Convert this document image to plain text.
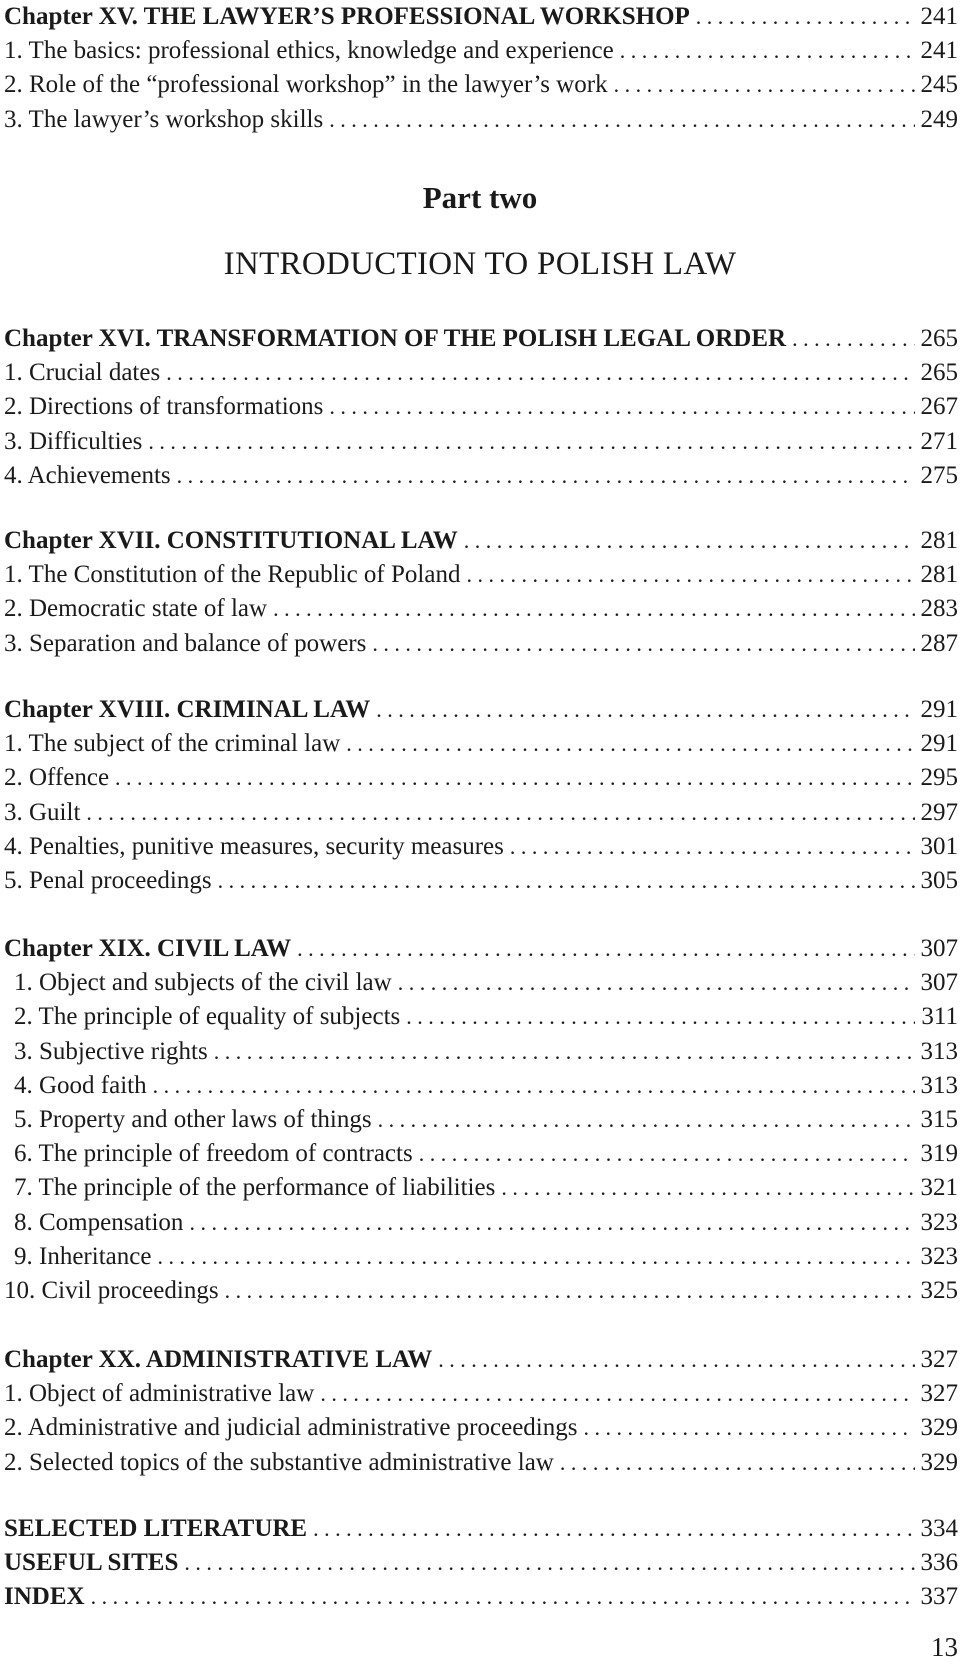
Chapter XV. THE LAWYER’S PROFESSIONAL WORKSHOP . . .	241
1. The basics: professional ethics, knowledge and experience . . .	241
2. Role of the “professional workshop” in the lawyer’s work . . .	245
3. The lawyer’s workshop skills . . .	249
Part two
INTRODUCTION TO POLISH LAW
Chapter XVI. TRANSFORMATION OF THE POLISH LEGAL ORDER . . .	265
1. Crucial dates . . .	265
2. Directions of transformations . . .	267
3. Difficulties . . .	271
4. Achievements . . .	275
Chapter XVII. CONSTITUTIONAL LAW . . .	281
1. The Constitution of the Republic of Poland . . .	281
2. Democratic state of law . . .	283
3. Separation and balance of powers . . .	287
Chapter XVIII. CRIMINAL LAW . . .	291
1. The subject of the criminal law . . .	291
2. Offence . . .	295
3. Guilt . . .	297
4. Penalties, punitive measures, security measures . . .	301
5. Penal proceedings . . .	305
Chapter XIX. CIVIL LAW . . .	307
1. Object and subjects of the civil law . . .	307
2. The principle of equality of subjects . . .	311
3. Subjective rights . . .	313
4. Good faith . . .	313
5. Property and other laws of things . . .	315
6. The principle of freedom of contracts . . .	319
7. The principle of the performance of liabilities . . .	321
8. Compensation . . .	323
9. Inheritance . . .	323
10. Civil proceedings . . .	325
Chapter XX. ADMINISTRATIVE LAW . . .	327
1. Object of administrative law . . .	327
2. Administrative and judicial administrative proceedings . . .	329
2. Selected topics of the substantive administrative law . . .	329
SELECTED LITERATURE . . .	334
USEFUL SITES . . .	336
INDEX . . .	337
13
